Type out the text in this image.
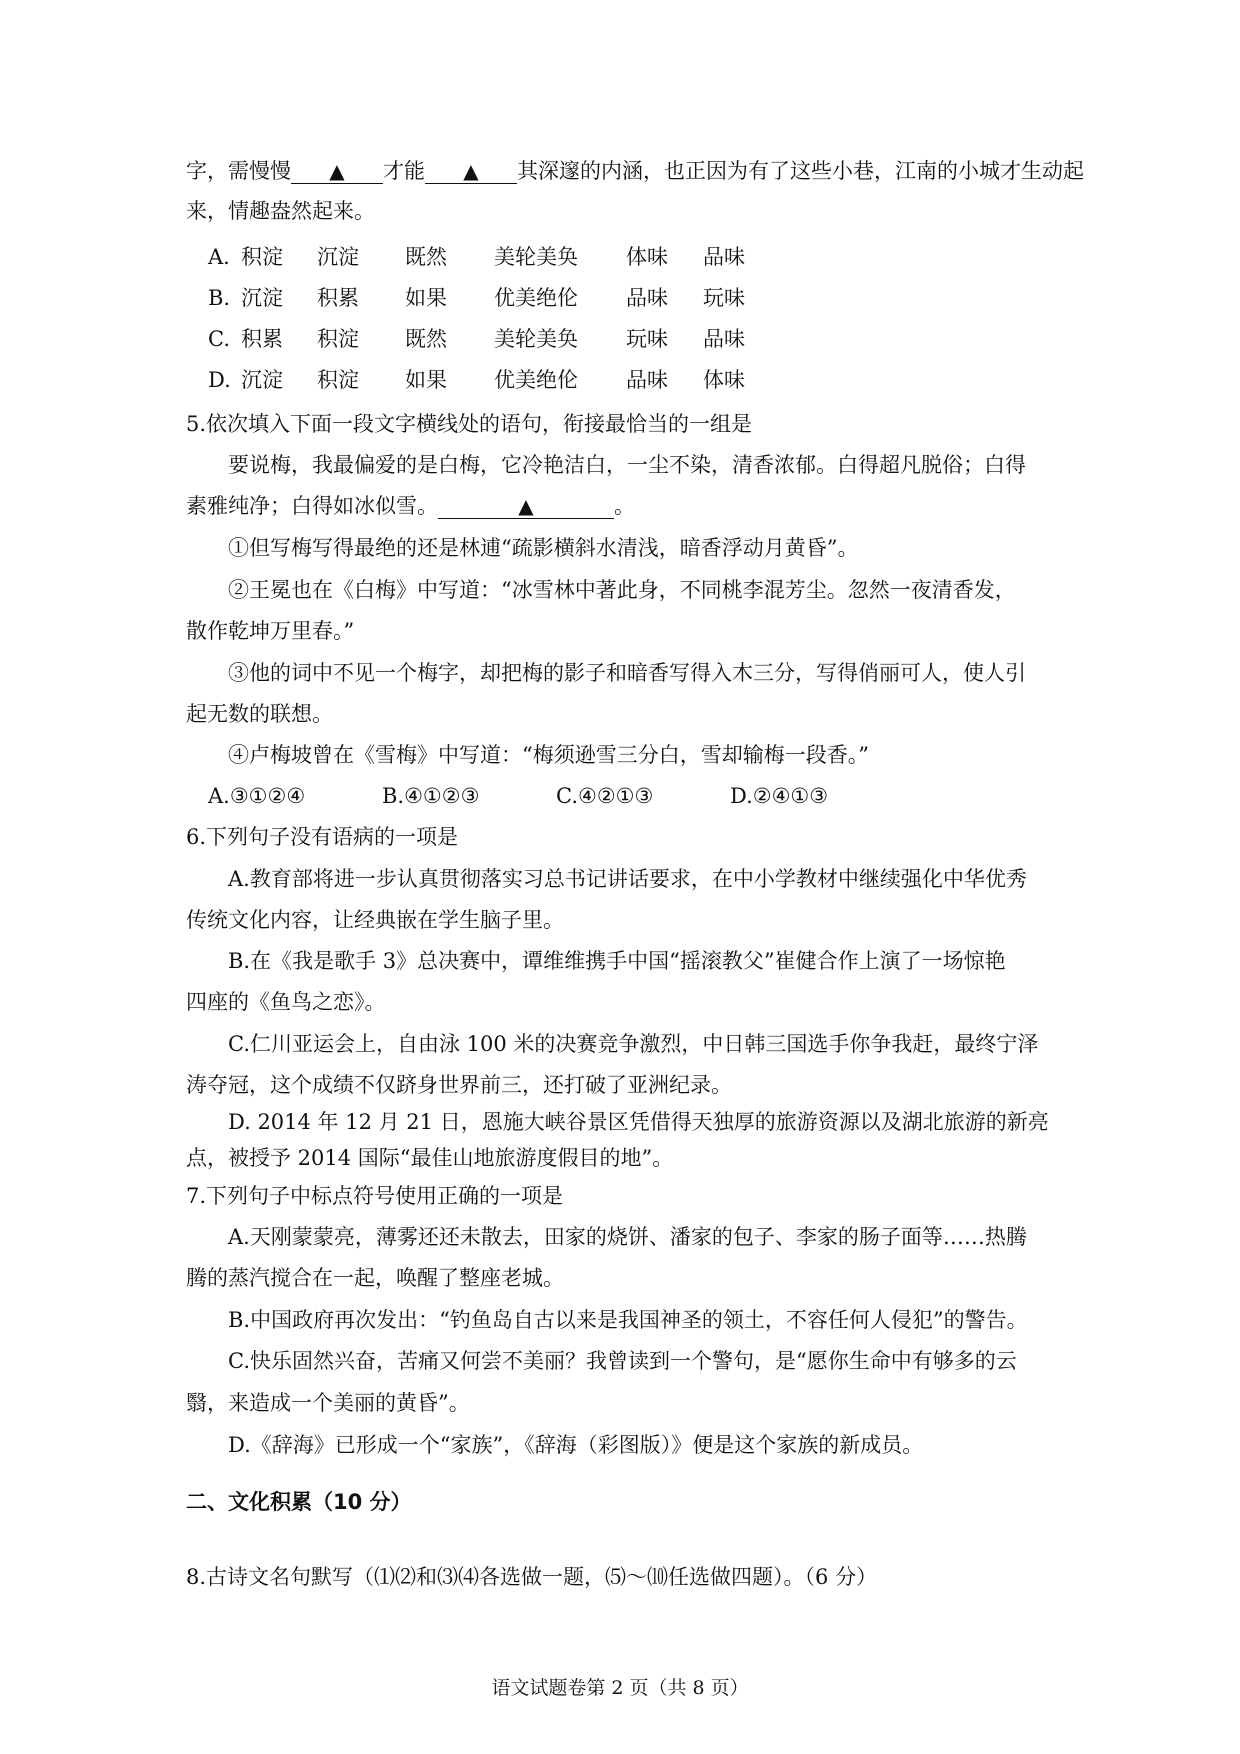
字，需慢慢 ▲ 才能 ▲ 其深邃的内涵，也正因为有了这些小巷，江南的小城才生动起
来，情趣盎然起来。
A. 积淀 沉淀 既然 美轮美奂 体味 品味
B. 沉淀 积累 如果 优美绝伦 品味 玩味
C. 积累 积淀 既然 美轮美奂 玩味 品味
D. 沉淀 积淀 如果 优美绝伦 品味 体味
5.依次填入下面一段文字横线处的语句，衔接最恰当的一组是
要说梅，我最偏爱的是白梅，它冷艳洁白，一尘不染，清香浓郁。白得超凡脱俗；白得
素雅纯净；白得如冰似雪。	▲	。
①但写梅写得最绝的还是林逋“疏影横斜水清浅，暗香浮动月黄昏”。
②王冕也在《白梅》中写道：“冰雪林中著此身，不同桃李混芳尘。忽然一夜清香发，
散作乾坤万里春。”
③他的词中不见一个梅字，却把梅的影子和暗香写得入木三分，写得俏丽可人，使人引
起无数的联想。
④卢梅坡曾在《雪梅》中写道：“梅须逊雪三分白，雪却输梅一段香。”
A.③①②④	B.④①②③	C.④②①③	D.②④①③
6.下列句子没有语病的一项是
A.教育部将进一步认真贯彻落实习总书记讲话要求，在中小学教材中继续强化中华优秀
传统文化内容，让经典嵌在学生脑子里。
B.在《我是歌手 3》总决赛中，谭维维携手中国“摇滚教父”崔健合作上演了一场惊艳
四座的《鱼鸟之恋》。
C.仁川亚运会上，自由泳 100 米的决赛竞争激烈，中日韩三国选手你争我赶，最终宁泽
涛夺冠，这个成绩不仅跻身世界前三，还打破了亚洲纪录。
D. 2014 年 12 月 21 日，恩施大峡谷景区凭借得天独厚的旅游资源以及湖北旅游的新亮
点，被授予 2014 国际“最佳山地旅游度假目的地”。
7.下列句子中标点符号使用正确的一项是
A.天刚蒙蒙亮，薄雾还还未散去，田家的烧饼、潘家的包子、李家的肠子面等……热腾
腾的蒸汽搅合在一起，唤醒了整座老城。
B.中国政府再次发出：“钓鱼岛自古以来是我国神圣的领土，不容任何人侵犯”的警告。
C.快乐固然兴奋，苦痛又何尝不美丽？我曾读到一个警句，是“愿你生命中有够多的云
翳，来造成一个美丽的黄昏”。
D.《辞海》已形成一个“家族”，《辞海（彩图版）》便是这个家族的新成员。
二、文化积累（10 分）
8.古诗文名句默写（⑴⑵和⑶⑷各选做一题，⑸～⑽任选做四题）。（6 分）
语文试题卷第 2 页（共 8 页）
